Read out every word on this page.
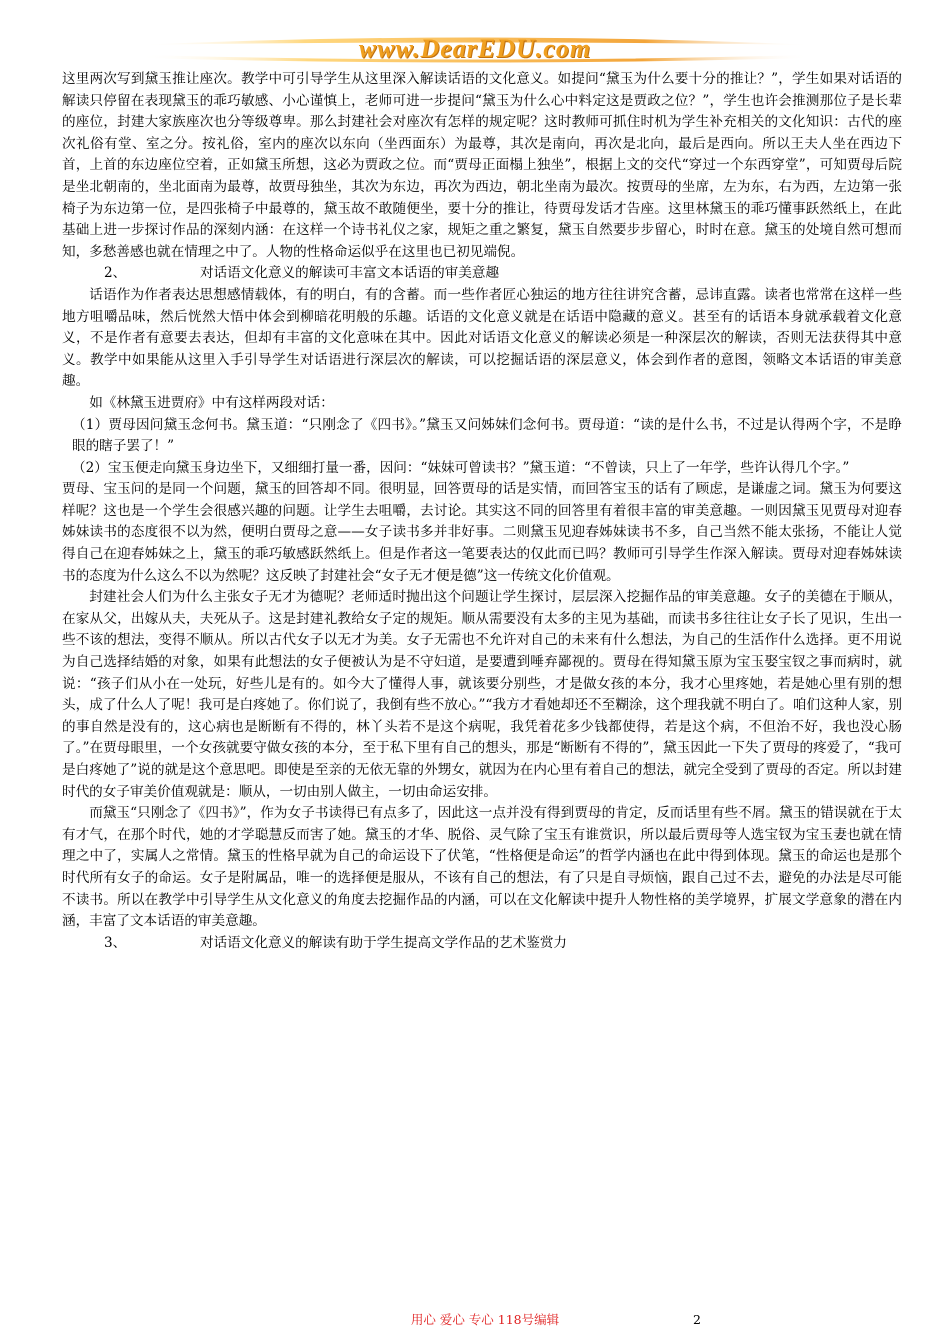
www.DearEDU.com

这里两次写到黛玉推让座次。教学中可引导学生从这里深入解读话语的文化意义。如提问“黛玉为什么要十分的推让？”，学生如果对话语的解读只停留在表现黛玉的乖巧敏感、小心谨慎上，老师可进一步提问“黛玉为什么心中料定这是贾政之位？”，学生也许会推测那位子是长辈的座位，封建大家族座次也分等级尊卑。那么封建社会对座次有怎样的规定呢？这时教师可抓住时机为学生补充相关的文化知识：古代的座次礼俗有堂、室之分。按礼俗，室内的座次以东向（坐西面东）为最尊，其次是南向，再次是北向，最后是西向。所以王夫人坐在西边下首，上首的东边座位空着，正如黛玉所想，这必为贾政之位。而“贾母正面榻上独坐”，根据上文的交代“穿过一个东西穿堂”，可知贾母后院是坐北朝南的，坐北面南为最尊，故贾母独坐，其次为东边，再次为西边，朝北坐南为最次。按贾母的坐席，左为东，右为西，左边第一张椅子为东边第一位，是四张椅子中最尊的，黛玉故不敢随便坐，要十分的推让，待贾母发话才告座。这里林黛玉的乖巧懂事跃然纸上，在此基础上进一步探讨作品的深刻内涵：在这样一个诗书礼仪之家，规矩之重之繁复，黛玉自然要步步留心，时时在意。黛玉的处境自然可想而知，多愁善感也就在情理之中了。人物的性格命运似乎在这里也已初见端倪。

2、	对话语文化意义的解读可丰富文本话语的审美意趣

话语作为作者表达思想感情载体，有的明白，有的含蓄。而一些作者匠心独运的地方往往讲究含蓄，忌讳直露。读者也常常在这样一些地方咀嚼品味，然后恍然大悟中体会到柳暗花明般的乐趣。话语的文化意义就是在话语中隐藏的意义。甚至有的话语本身就承载着文化意义，不是作者有意要去表达，但却有丰富的文化意味在其中。因此对话语文化意义的解读必须是一种深层次的解读，否则无法获得其中意义。教学中如果能从这里入手引导学生对话语进行深层次的解读，可以挖掘话语的深层意义，体会到作者的意图，领略文本话语的审美意趣。

如《林黛玉进贾府》中有这样两段对话：

（1）贾母因问黛玉念何书。黛玉道：“只刚念了《四书》。”黛玉又问姊妹们念何书。贾母道：“读的是什么书，不过是认得两个字，不是睁眼的瞎子罢了！”

（2）宝玉便走向黛玉身边坐下，又细细打量一番，因问：“妹妹可曾读书？”黛玉道：“不曾读，只上了一年学，些许认得几个字。”

贾母、宝玉问的是同一个问题，黛玉的回答却不同。很明显，回答贾母的话是实情，而回答宝玉的话有了顾虑，是谦虚之词。黛玉为何要这样呢？这也是一个学生会很感兴趣的问题。让学生去咀嚼，去讨论。其实这不同的回答里有着很丰富的审美意趣。一则因黛玉见贾母对迎春姊妹读书的态度很不以为然，便明白贾母之意——女子读书多并非好事。二则黛玉见迎春姊妹读书不多，自己当然不能太张扬，不能让人觉得自己在迎春姊妹之上，黛玉的乖巧敏感跃然纸上。但是作者这一笔要表达的仅此而已吗？教师可引导学生作深入解读。贾母对迎春姊妹读书的态度为什么这么不以为然呢？这反映了封建社会“女子无才便是德”这一传统文化价值观。

封建社会人们为什么主张女子无才为德呢？老师适时抛出这个问题让学生探讨，层层深入挖掘作品的审美意趣。女子的美德在于顺从，在家从父，出嫁从夫，夫死从子。这是封建礼教给女子定的规矩。顺从需要没有太多的主见为基础，而读书多往往让女子长了见识，生出一些不该的想法，变得不顺从。所以古代女子以无才为美。女子无需也不允许对自己的未来有什么想法，为自己的生活作什么选择。更不用说为自己选择结婚的对象，如果有此想法的女子便被认为是不守妇道，是要遭到唾弃鄙视的。贾母在得知黛玉原为宝玉娶宝钗之事而病时，就说：“孩子们从小在一处玩，好些儿是有的。如今大了懂得人事，就该要分别些，才是做女孩的本分，我才心里疼她，若是她心里有别的想头，成了什么人了呢！我可是白疼她了。你们说了，我倒有些不放心。”“我方才看她却还不至糊涂，这个理我就不明白了。咱们这种人家，别的事自然是没有的，这心病也是断断有不得的，林丫头若不是这个病呢，我凭着花多少钱都使得，若是这个病，不但治不好，我也没心肠了。”在贾母眼里，一个女孩就要守做女孩的本分，至于私下里有自己的想头，那是“断断有不得的”，黛玉因此一下失了贾母的疼爱了，“我可是白疼她了”说的就是这个意思吧。即使是至亲的无依无靠的外甥女，就因为在内心里有着自己的想法，就完全受到了贾母的否定。所以封建时代的女子审美价值观就是：顺从，一切由别人做主，一切由命运安排。

而黛玉“只刚念了《四书》”，作为女子书读得已有点多了，因此这一点并没有得到贾母的肯定，反而话里有些不屑。黛玉的错误就在于太有才气，在那个时代，她的才学聪慧反而害了她。黛玉的才华、脱俗、灵气除了宝玉有谁赏识，所以最后贾母等人选宝钗为宝玉妻也就在情理之中了，实属人之常情。黛玉的性格早就为自己的命运设下了伏笔，“性格便是命运”的哲学内涵也在此中得到体现。黛玉的命运也是那个时代所有女子的命运。女子是附属品，唯一的选择便是服从，不该有自己的想法，有了只是自寻烦恼，跟自己过不去，避免的办法是尽可能不读书。所以在教学中引导学生从文化意义的角度去挖掘作品的内涵，可以在文化解读中提升人物性格的美学境界，扩展文学意象的潜在内涵，丰富了文本话语的审美意趣。

3、	对话语文化意义的解读有助于学生提高文学作品的艺术鉴赏力

用心 爱心 专心 118号编辑	2
